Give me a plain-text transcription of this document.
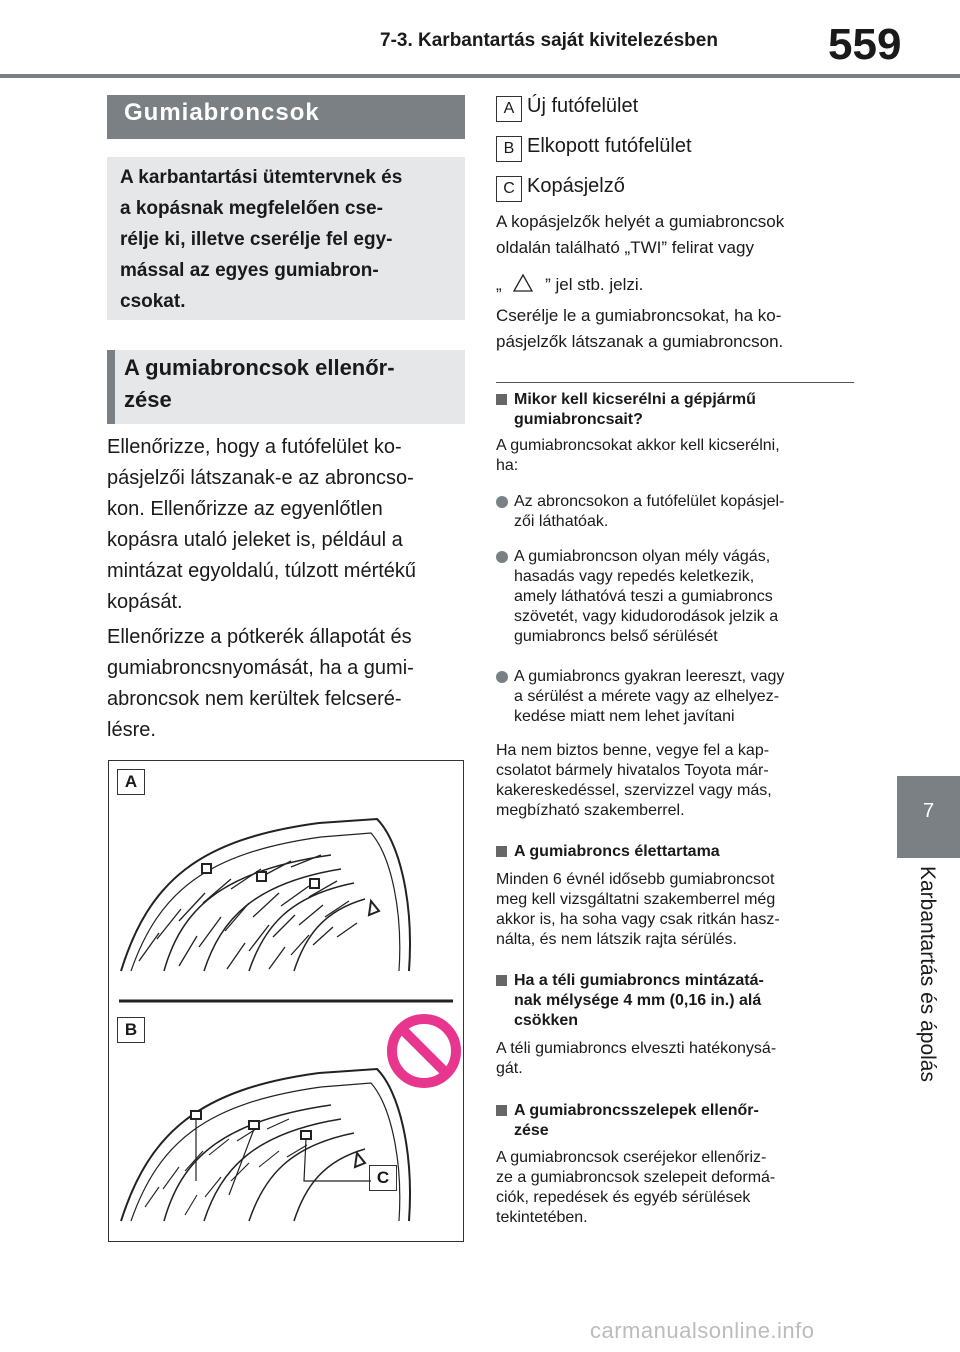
7-3. Karbantartás saját kivitelezésben	559
7
Karbantartás és ápolás
Gumiabroncsok
A karbantartási ütemtervnek és
a kopásnak megfelelően cse-
rélje ki, illetve cserélje fel egy-
mással az egyes gumiabron-
csokat.
A gumiabroncsok ellenőr-
zése
Ellenőrizze, hogy a futófelület ko-
pásjelzői látszanak-e az abroncso-
kon. Ellenőrizze az egyenlőtlen
kopásra utaló jeleket is, például a
mintázat egyoldalú, túlzott mértékű
kopását.
Ellenőrizze a pótkerék állapotát és
gumiabroncsnyomását, ha a gumi-
abroncsok nem kerültek felcseré-
lésre.
A
B
C
A Új futófelület
B Elkopott futófelület
C Kopásjelző
A kopásjelzők helyét a gumiabroncsok
oldalán található „TWI” felirat vagy
„	” jel stb. jelzi.
Cserélje le a gumiabroncsokat, ha ko-
pásjelzők látszanak a gumiabroncson.
Mikor kell kicserélni a gépjármű
gumiabroncsait?
A gumiabroncsokat akkor kell kicserélni,
ha:
Az abroncsokon a futófelület kopásjel-
zői láthatóak.
A gumiabroncson olyan mély vágás,
hasadás vagy repedés keletkezik,
amely láthatóvá teszi a gumiabroncs
szövetét, vagy kidudorodások jelzik a
gumiabroncs belső sérülését
A gumiabroncs gyakran leereszt, vagy
a sérülést a mérete vagy az elhelyez-
kedése miatt nem lehet javítani
Ha nem biztos benne, vegye fel a kap-
csolatot bármely hivatalos Toyota már-
kakereskedéssel, szervizzel vagy más,
megbízható szakemberrel.
A gumiabroncs élettartama
Minden 6 évnél idősebb gumiabroncsot
meg kell vizsgáltatni szakemberrel még
akkor is, ha soha vagy csak ritkán hasz-
nálta, és nem látszik rajta sérülés.
Ha a téli gumiabroncs mintázatá-
nak mélysége 4 mm (0,16 in.) alá
csökken
A téli gumiabroncs elveszti hatékonysá-
gát.
A gumiabroncsszelepek ellenőr-
zése
A gumiabroncsok cseréjekor ellenőriz-
ze a gumiabroncsok szelepeit deformá-
ciók, repedések és egyéb sérülések
tekintetében.
carmanualsonline.info
